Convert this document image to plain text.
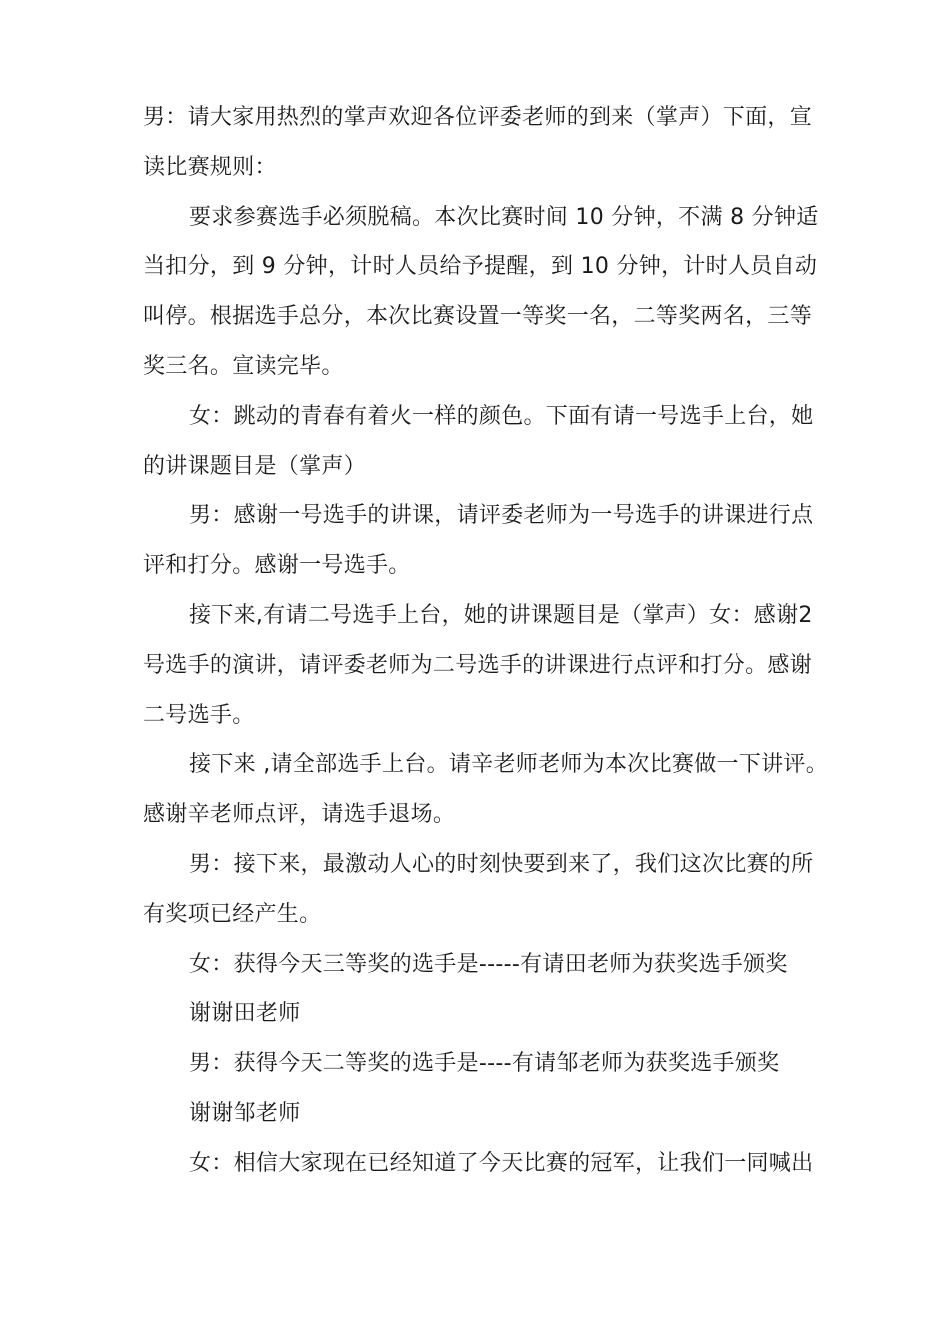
男：请大家用热烈的掌声欢迎各位评委老师的到来（掌声）下面，宣
读比赛规则：

要求参赛选手必须脱稿。本次比赛时间 10 分钟，不满 8 分钟适
当扣分，到 9 分钟，计时人员给予提醒，到 10 分钟，计时人员自动
叫停。根据选手总分，本次比赛设置一等奖一名，二等奖两名，三等
奖三名。宣读完毕。

女：跳动的青春有着火一样的颜色。下面有请一号选手上台，她
的讲课题目是（掌声）

男：感谢一号选手的讲课，请评委老师为一号选手的讲课进行点
评和打分。感谢一号选手。

接下来,有请二号选手上台，她的讲课题目是（掌声）女：感谢2
号选手的演讲，请评委老师为二号选手的讲课进行点评和打分。感谢
二号选手。

接下来 ,请全部选手上台。请辛老师老师为本次比赛做一下讲评。
感谢辛老师点评，请选手退场。

男：接下来，最激动人心的时刻快要到来了，我们这次比赛的所
有奖项已经产生。

女：获得今天三等奖的选手是-----有请田老师为获奖选手颁奖
谢谢田老师

男：获得今天二等奖的选手是----有请邹老师为获奖选手颁奖
谢谢邹老师

女：相信大家现在已经知道了今天比赛的冠军，让我们一同喊出
